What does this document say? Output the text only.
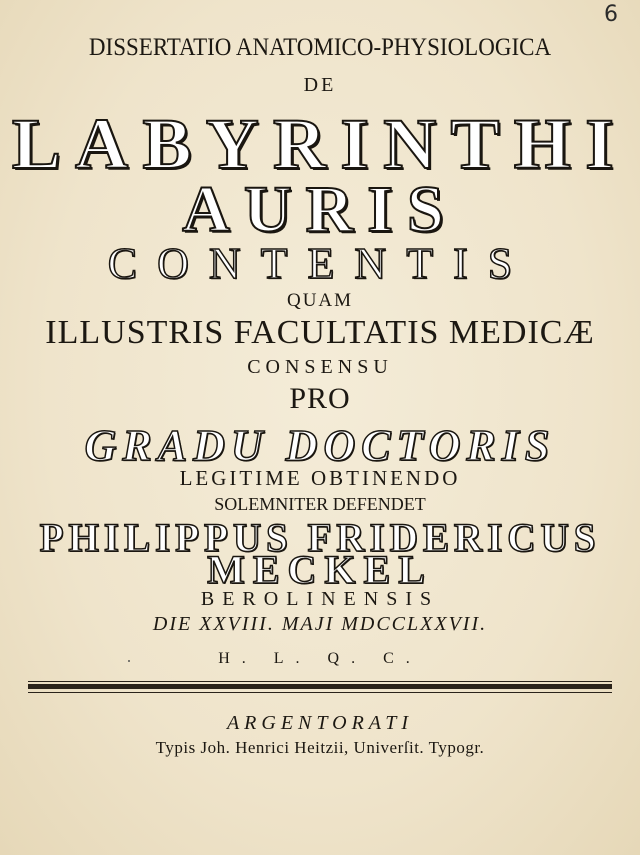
6
DISSERTATIO ANATOMICO-PHYSIOLOGICA
DE
LABYRINTHI
AURIS
CONTENTIS
QUAM
ILLUSTRIS FACULTATIS MEDICÆ
CONSENSU
PRO
GRADU DOCTORIS
LEGITIME OBTINENDO
SOLEMNITER DEFENDET
PHILIPPUS FRIDERICUS
MECKEL
BEROLINENSIS
DIE XXVIII. MAJI MDCCLXXVII.
H. L. Q. C.
ARGENTORATI
Typis Joh. Henrici Heitzii, Univerſit. Typogr.
